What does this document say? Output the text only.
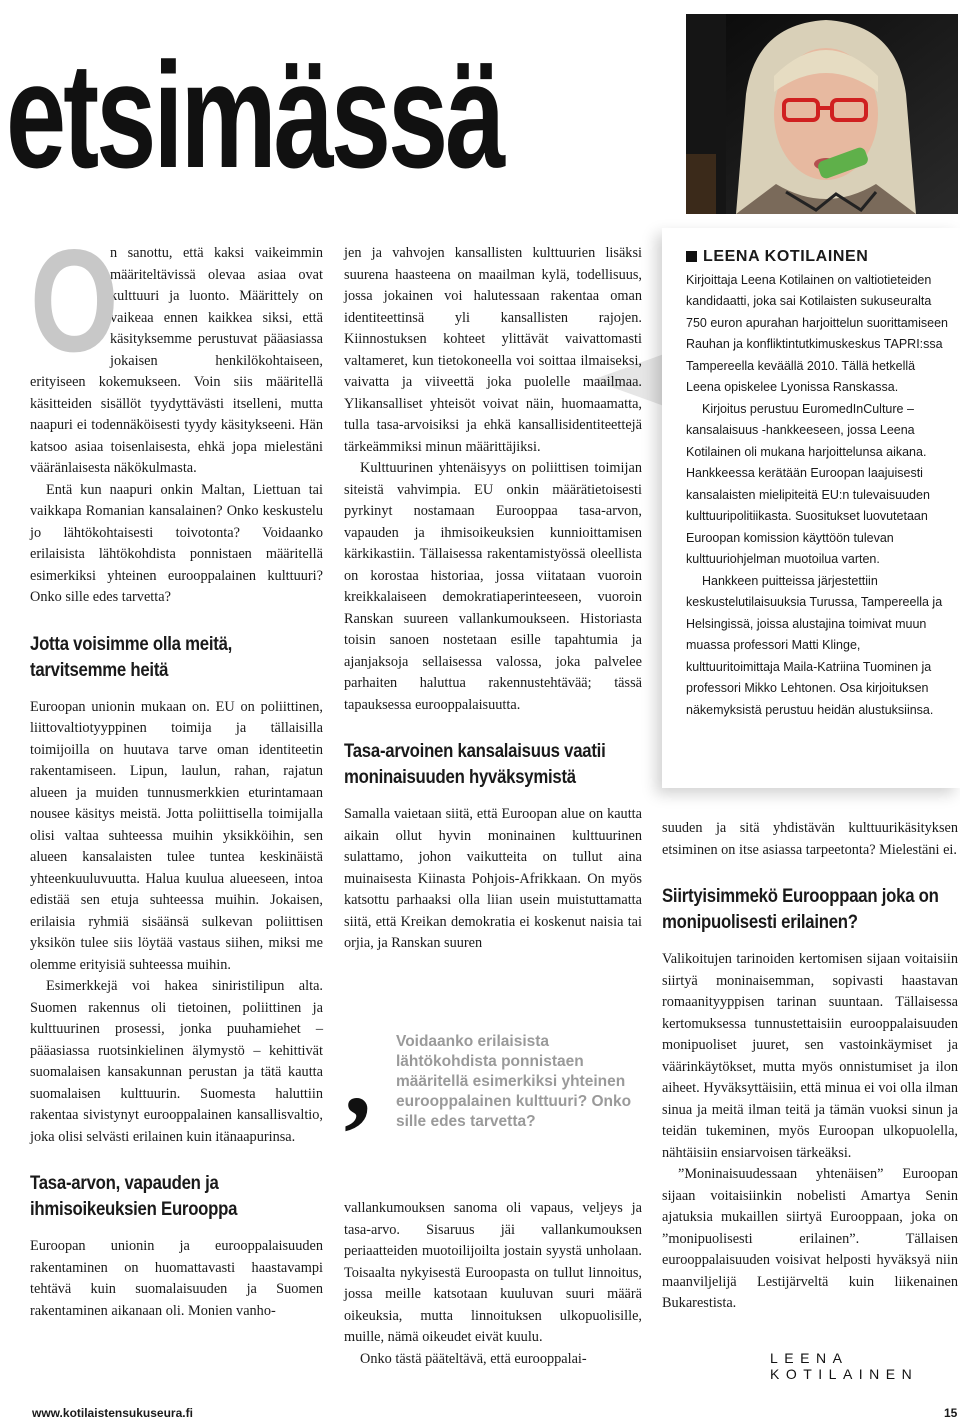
etsimässä
LEENA KOTILAINEN

Kirjoittaja Leena Kotilainen on valtiotieteiden kandidaatti, joka sai Kotilaisten sukuseuralta 750 euron apurahan harjoittelun suorittamiseen Rauhan ja konfliktintutkimuskeskus TAPRI:ssa Tampereella keväällä 2010. Tällä hetkellä Leena opiskelee Lyonissa Ranskassa.

Kirjoitus perustuu EuromedInCulture – kansalaisuus -hankkeeseen, jossa Leena Kotilainen oli mukana harjoittelunsa aikana. Hankkeessa kerätään Euroopan laajuisesti kansalaisten mielipiteitä EU:n tulevaisuuden kulttuuripolitiikasta. Suositukset luovutetaan Euroopan komission käyttöön tulevan kulttuuriohjelman muotoilua varten.

Hankkeen puitteissa järjestettiin keskustelutilaisuuksia Turussa, Tampereella ja Helsingissä, joissa alustajina toimivat muun muassa professori Matti Klinge, kulttuuritoimittaja Maila-Katriina Tuominen ja professori Mikko Lehtonen. Osa kirjoituksen näkemyksistä perustuu heidän alustuksiinsa.

O

n sanottu, että kaksi vaikeimmin määriteltävissä olevaa asiaa ovat kulttuuri ja luonto. Määrittely on vaikeaa ennen kaikkea siksi, että käsityksemme perustuvat pääasiassa jokaisen henkilökohtaiseen, erityiseen kokemukseen. Voin siis määritellä käsitteiden sisällöt tyydyttävästi itselleni, mutta naapuri ei todennäköisesti tyydy käsitykseeni. Hän katsoo asiaa toisenlaisesta, ehkä jopa mielestäni vääränlaisesta näkökulmasta.

Entä kun naapuri onkin Maltan, Liettuan tai vaikkapa Romanian kansalainen? Onko keskustelu jo lähtökohtaisesti toivotonta? Voidaanko erilaisista lähtökohdista ponnistaen määritellä esimerkiksi yhteinen eurooppalainen kulttuuri? Onko sille edes tarvetta?

Jotta voisimme olla meitä, tarvitsemme heitä

Euroopan unionin mukaan on. EU on poliittinen, liittovaltiotyyppinen toimija ja tällaisilla toimijoilla on huutava tarve oman identiteetin rakentamiseen. Lipun, laulun, rahan, rajatun alueen ja muiden tunnusmerkkien eturintamaan nousee käsitys meistä. Jotta poliittisella toimijalla olisi valtaa suhteessa muihin yksikköihin, sen alueen kansalaisten tulee tuntea keskinäistä yhteenkuuluvuutta. Halua kuulua alueeseen, intoa edistää sen etuja suhteessa muihin. Jokaisen, erilaisia ryhmiä sisäänsä sulkevan poliittisen yksikön tulee siis löytää vastaus siihen, miksi me olemme erityisiä suhteessa muihin.

Esimerkkejä voi hakea siniristilipun alta. Suomen rakennus oli tietoinen, poliittinen ja kulttuurinen prosessi, jonka puuhamiehet – pääasiassa ruotsinkielinen älymystö – kehittivät suomalaisen kansakunnan perustan ja tätä kautta suomalaisen kulttuurin. Suomesta haluttiin rakentaa sivistynyt eurooppalainen kansallisvaltio, joka olisi selvästi erilainen kuin itänaapurinsa.

Tasa-arvon, vapauden ja ihmisoikeuksien Eurooppa

Euroopan unionin ja eurooppalaisuuden rakentaminen on huomattavasti haastavampi tehtävä kuin suomalaisuuden ja Suomen rakentaminen aikanaan oli. Monien vanho-

jen ja vahvojen kansallisten kulttuurien lisäksi suurena haasteena on maailman kylä, todellisuus, jossa jokainen voi halutessaan rakentaa oman identiteettinsä yli kansallisten rajojen. Kiinnostuksen kohteet ylittävät vaivattomasti valtameret, kun tietokoneella voi soittaa ilmaiseksi, vaivatta ja viiveettä joka puolelle maailmaa. Ylikansalliset yhteisöt voivat näin, huomaamatta, tulla tasa-arvoisiksi ja ehkä kansallisidentiteettejä tärkeämmiksi minun määrittäjiksi.

Kulttuurinen yhtenäisyys on poliittisen toimijan siteistä vahvimpia. EU onkin määrätietoisesti pyrkinyt nostamaan Eurooppaa tasa-arvon, vapauden ja ihmisoikeuksien kunnioittamisen kärkikastiin. Tällaisessa rakentamistyössä oleellista on korostaa historiaa, jossa viitataan vuoroin kreikkalaiseen demokratiaperinteeseen, vuoroin Ranskan suureen vallankumoukseen. Historiasta toisin sanoen nostetaan esille tapahtumia ja ajanjaksoja sellaisessa valossa, joka palvelee parhaiten haluttua rakennustehtävää; tässä tapauksessa eurooppalaisuutta.

Tasa-arvoinen kansalaisuus vaatii moninaisuuden hyväksymistä

Samalla vaietaan siitä, että Euroopan alue on kautta aikain ollut hyvin moninainen kulttuurinen sulattamo, johon vaikutteita on tullut aina muinaisesta Kiinasta Pohjois-Afrikkaan. On myös katsottu parhaaksi olla liian usein muistuttamatta siitä, että Kreikan demokratia ei koskenut naisia tai orjia, ja Ranskan suuren

, Voidaanko erilaisista lähtökohdista ponnistaen määritellä esimerkiksi yhteinen eurooppalainen kulttuuri? Onko sille edes tarvetta?

vallankumouksen sanoma oli vapaus, veljeys ja tasa-arvo. Sisaruus jäi vallankumouksen periaatteiden muotoilijoilta jostain syystä unholaan. Toisaalta nykyisestä Euroopasta on tullut linnoitus, jossa meille katsotaan kuuluvan suuri määrä oikeuksia, mutta linnoituksen ulkopuolisille, muille, nämä oikeudet eivät kuulu.

Onko tästä pääteltävä, että eurooppalai-

suuden ja sitä yhdistävän kulttuurikäsityksen etsiminen on itse asiassa tarpeetonta? Mielestäni ei.

Siirtyisimmekö Eurooppaan joka on monipuolisesti erilainen?

Valikoitujen tarinoiden kertomisen sijaan voitaisiin siirtyä moninaisemman, sopivasti haastavan romaanityyppisen tarinan suuntaan. Tällaisessa kertomuksessa tunnustettaisiin eurooppalaisuuden monipuoliset juuret, sen vastoinkäymiset ja väärinkäytökset, mutta myös onnistumiset ja ilon aiheet. Hyväksyttäisiin, että minua ei voi olla ilman sinua ja meitä ilman teitä ja tämän vuoksi sinun ja teidän tukeminen, myös Euroopan ulkopuolella, nähtäisiin ensiarvoisen tärkeäksi.

”Moninaisuudessaan yhtenäisen” Euroopan sijaan voitaisiinkin nobelisti Amartya Senin ajatuksia mukaillen siirtyä Eurooppaan, joka on ”monipuolisesti erilainen”. Tällaisen eurooppalaisuuden voisivat helposti hyväksyä niin maanviljelijä Lestijärveltä kuin liikenainen Bukarestista.

LEENA KOTILAINEN
www.kotilaistensukuseura.fi	15
